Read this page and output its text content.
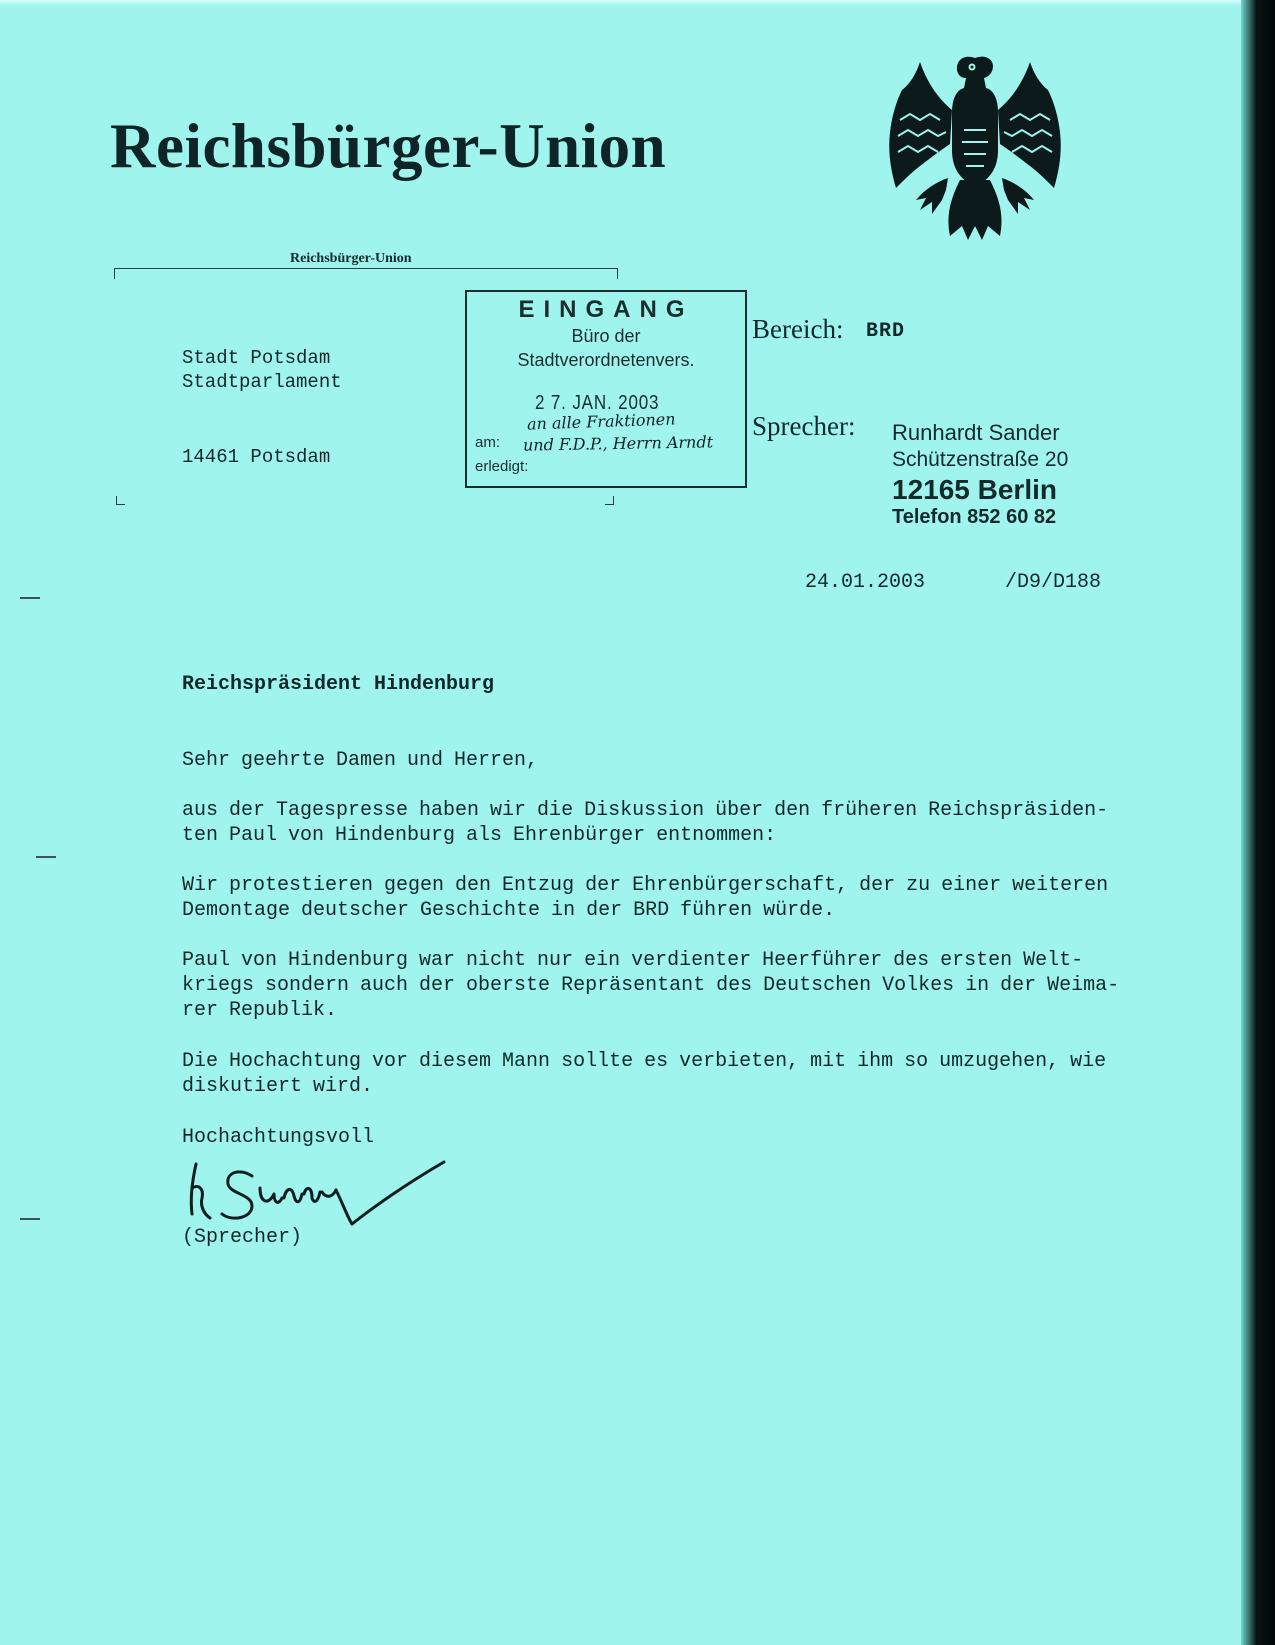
Reichsbürger-Union
Reichsbürger-Union
Stadt Potsdam
Stadtparlament
14461 Potsdam
EINGANG
Büro der
Stadtverordnetenvers.
2 7. JAN. 2003
an alle Fraktionen
am: und F.D.P., Herrn Arndt
erledigt:
Bereich: BRD
Sprecher: Runhardt Sander
Schützenstraße 20
12165 Berlin
Telefon 852 60 82
24.01.2003	/D9/D188
Reichspräsident Hindenburg
Sehr geehrte Damen und Herren,
aus der Tagespresse haben wir die Diskussion über den früheren Reichspräsiden-
ten Paul von Hindenburg als Ehrenbürger entnommen:
Wir protestieren gegen den Entzug der Ehrenbürgerschaft, der zu einer weiteren
Demontage deutscher Geschichte in der BRD führen würde.
Paul von Hindenburg war nicht nur ein verdienter Heerführer des ersten Welt-
kriegs sondern auch der oberste Repräsentant des Deutschen Volkes in der Weima-
rer Republik.
Die Hochachtung vor diesem Mann sollte es verbieten, mit ihm so umzugehen, wie
diskutiert wird.
Hochachtungsvoll
(Sprecher)
